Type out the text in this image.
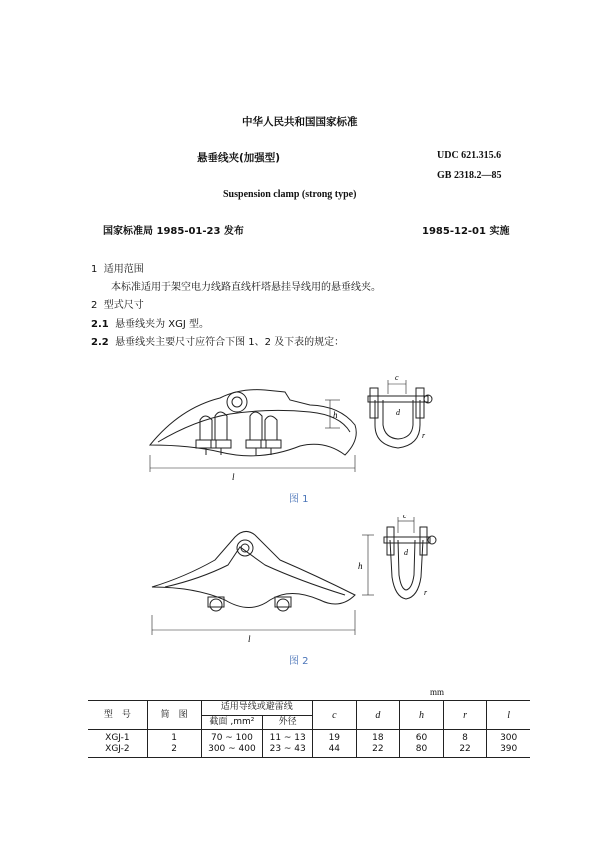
中华人民共和国国家标准
悬垂线夹(加强型)	UDC 621.315.6
GB 2318.2—85
Suspension clamp (strong type)
国家标准局 1985-01-23 发布	1985-12-01 实施
1 适用范围
本标准适用于架空电力线路直线杆塔悬挂导线用的悬垂线夹。
2 型式尺寸
2.1 悬垂线夹为 XGJ 型。
2.2 悬垂线夹主要尺寸应符合下图 1、2 及下表的规定：
l
h
c
d
r
图 1
l
h
c
d
r
图 2
mm
型　号	简　图	适用导线或避雷线		c	d	h	r	l
		截面 ,mm²	外径					
XGJ-1	1	70 ~ 100	11 ~ 13	19	18	60	8	300
XGJ-2	2	300 ~ 400	23 ~ 43	44	22	80	22	390
